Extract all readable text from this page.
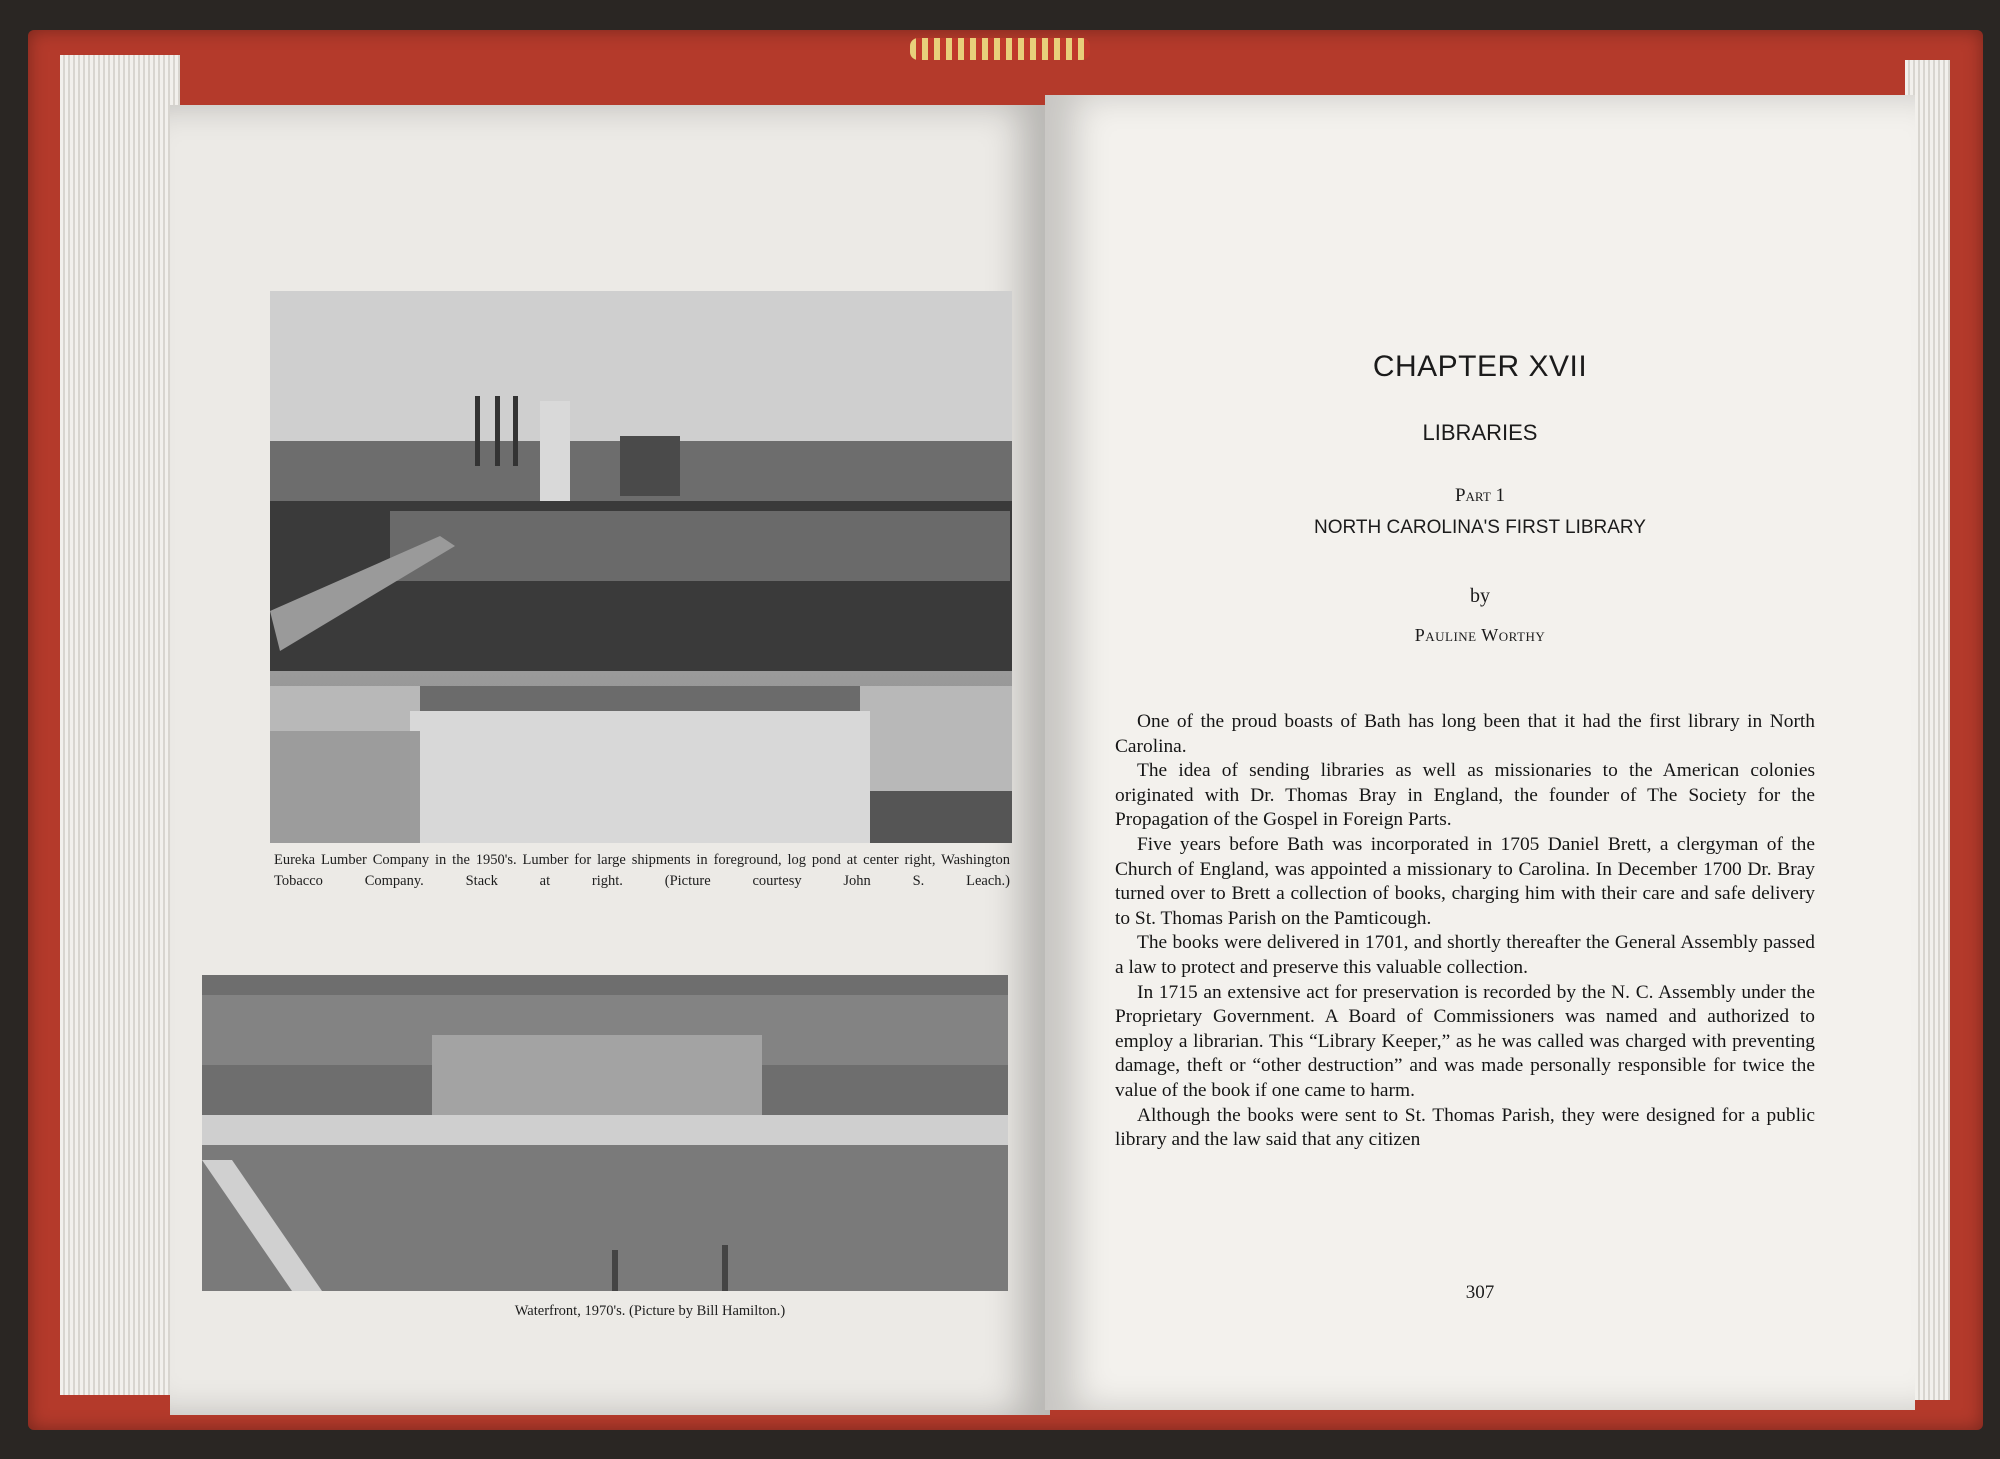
Eureka Lumber Company in the 1950's. Lumber for large shipments in foreground, log pond at center right, Washington Tobacco Company. Stack at right. (Picture courtesy John S. Leach.)
Waterfront, 1970's. (Picture by Bill Hamilton.)
CHAPTER XVII
LIBRARIES
Part 1
NORTH CAROLINA'S FIRST LIBRARY
by
Pauline Worthy

One of the proud boasts of Bath has long been that it had the first library in North Carolina.

The idea of sending libraries as well as missionaries to the American colonies originated with Dr. Thomas Bray in England, the founder of The Society for the Propagation of the Gospel in Foreign Parts.

Five years before Bath was incorporated in 1705 Daniel Brett, a clergyman of the Church of England, was appointed a missionary to Carolina. In December 1700 Dr. Bray turned over to Brett a collection of books, charging him with their care and safe delivery to St. Thomas Parish on the Pamticough.

The books were delivered in 1701, and shortly thereafter the General Assembly passed a law to protect and preserve this valuable collection.

In 1715 an extensive act for preservation is recorded by the N. C. Assembly under the Proprietary Government. A Board of Commissioners was named and authorized to employ a librarian. This “Library Keeper,” as he was called was charged with preventing damage, theft or “other destruction” and was made personally responsible for twice the value of the book if one came to harm.

Although the books were sent to St. Thomas Parish, they were designed for a public library and the law said that any citizen

307
